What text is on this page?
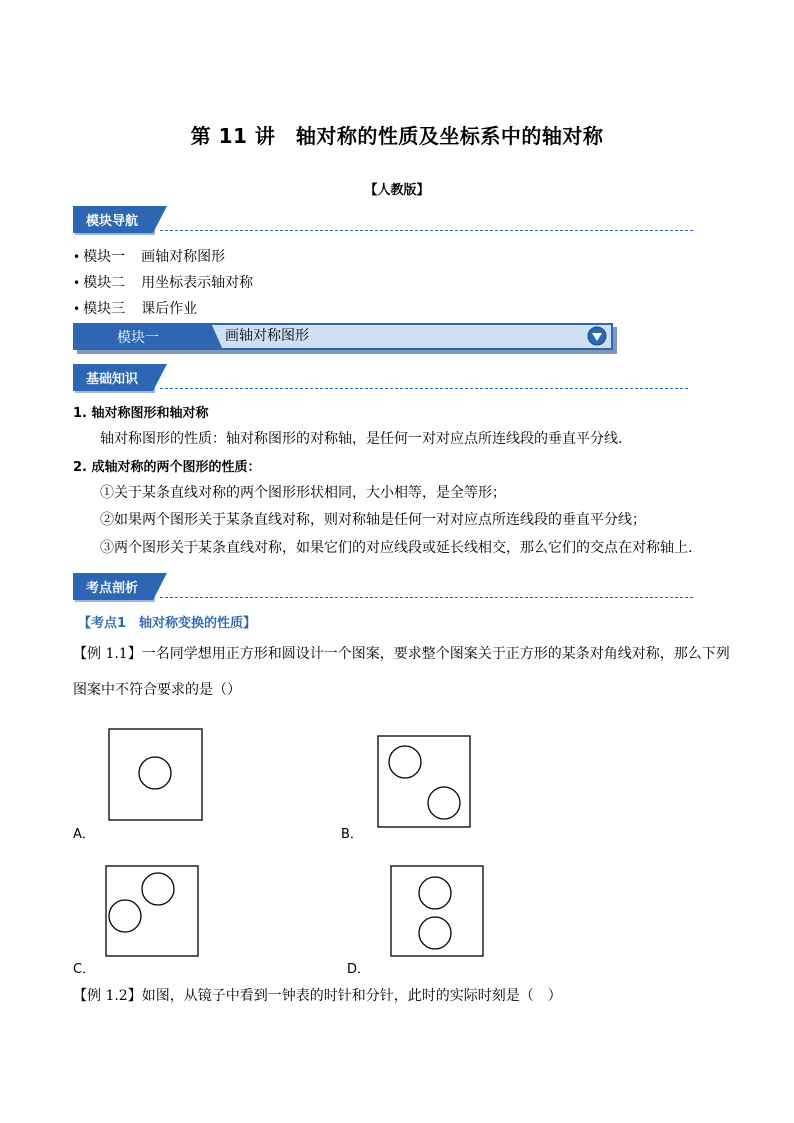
第 11 讲　轴对称的性质及坐标系中的轴对称
【人教版】
模块导航
• 模块一 画轴对称图形
• 模块二 用坐标表示轴对称
• 模块三 课后作业
模块一	画轴对称图形
基础知识
1. 轴对称图形和轴对称
轴对称图形的性质：轴对称图形的对称轴，是任何一对对应点所连线段的垂直平分线.
2. 成轴对称的两个图形的性质：
①关于某条直线对称的两个图形形状相同，大小相等，是全等形；
②如果两个图形关于某条直线对称，则对称轴是任何一对对应点所连线段的垂直平分线；
③两个图形关于某条直线对称，如果它们的对应线段或延长线相交，那么它们的交点在对称轴上.
考点剖析
【考点1　轴对称变换的性质】
【例 1.1】一名同学想用正方形和圆设计一个图案，要求整个图案关于正方形的某条对角线对称，那么下列图案中不符合要求的是（）
A．	B．
C．	D．
【例 1.2】如图，从镜子中看到一钟表的时针和分针，此时的实际时刻是（　）
